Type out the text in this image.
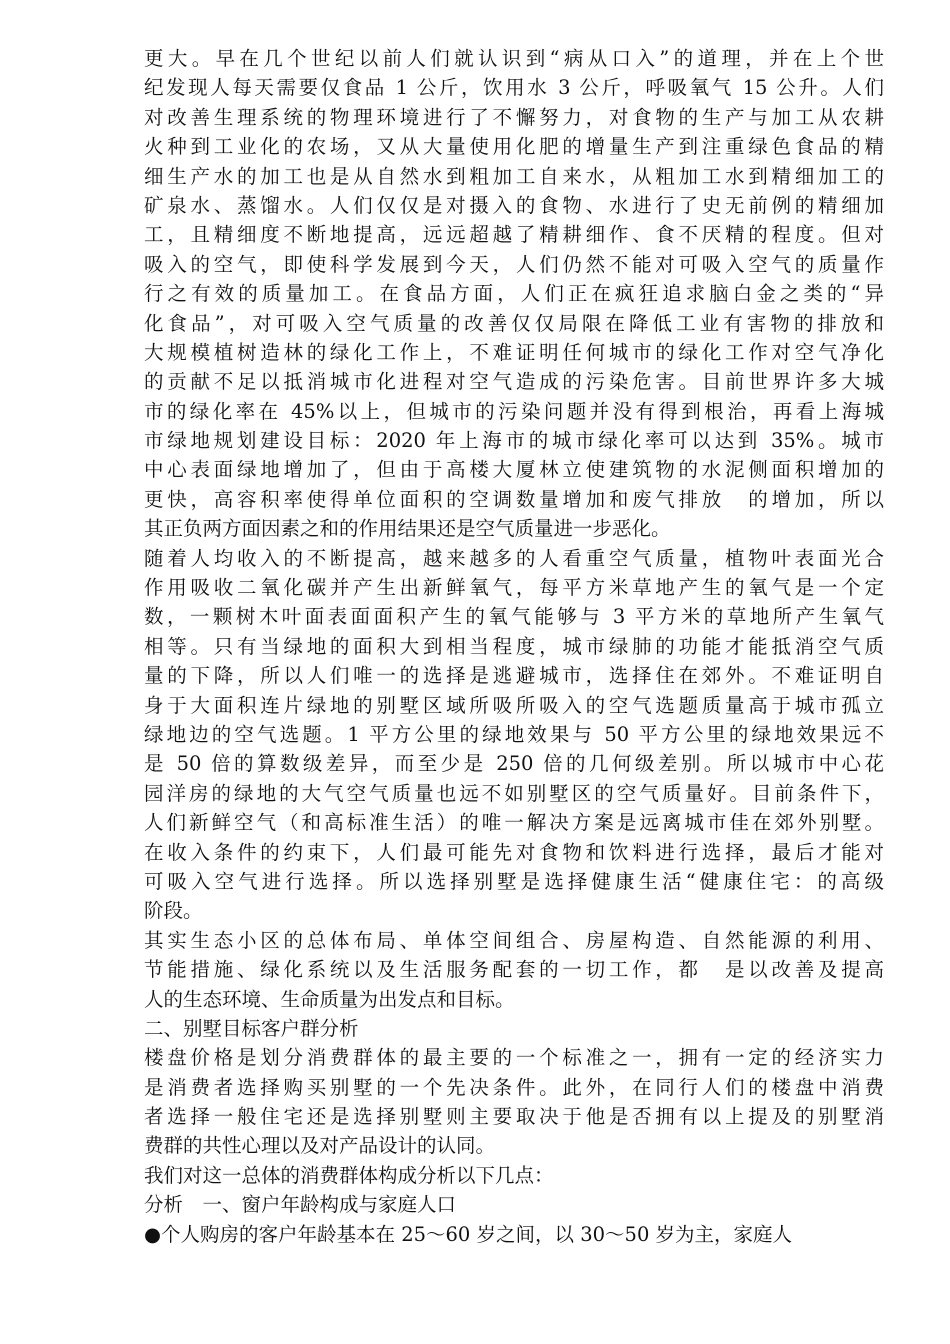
更大。早在几个世纪以前人们就认识到“病从口入”的道理，并在上个世
纪发现人每天需要仅食品 1 公斤，饮用水 3 公斤，呼吸氧气 15 公升。人们
对改善生理系统的物理环境进行了不懈努力，对食物的生产与加工从农耕
火种到工业化的农场，又从大量使用化肥的增量生产到注重绿色食品的精
细生产水的加工也是从自然水到粗加工自来水，从粗加工水到精细加工的
矿泉水、蒸馏水。人们仅仅是对摄入的食物、水进行了史无前例的精细加
工，且精细度不断地提高，远远超越了精耕细作、食不厌精的程度。但对
吸入的空气，即使科学发展到今天，人们仍然不能对可吸入空气的质量作
行之有效的质量加工。在食品方面，人们正在疯狂追求脑白金之类的“异
化食品”，对可吸入空气质量的改善仅仅局限在降低工业有害物的排放和
大规模植树造林的绿化工作上，不难证明任何城市的绿化工作对空气净化
的贡献不足以抵消城市化进程对空气造成的污染危害。目前世界许多大城
市的绿化率在 45%以上，但城市的污染问题并没有得到根治，再看上海城
市绿地规划建设目标：2020 年上海市的城市绿化率可以达到 35%。城市
中心表面绿地增加了，但由于高楼大厦林立使建筑物的水泥侧面积增加的
更快，高容积率使得单位面积的空调数量增加和废气排放　的增加，所以
其正负两方面因素之和的作用结果还是空气质量进一步恶化。
随着人均收入的不断提高，越来越多的人看重空气质量，植物叶表面光合
作用吸收二氧化碳并产生出新鲜氧气，每平方米草地产生的氧气是一个定
数，一颗树木叶面表面面积产生的氧气能够与 3 平方米的草地所产生氧气
相等。只有当绿地的面积大到相当程度，城市绿肺的功能才能抵消空气质
量的下降，所以人们唯一的选择是逃避城市，选择住在郊外。不难证明自
身于大面积连片绿地的别墅区域所吸所吸入的空气选题质量高于城市孤立
绿地边的空气选题。1 平方公里的绿地效果与 50 平方公里的绿地效果远不
是 50 倍的算数级差异，而至少是 250 倍的几何级差别。所以城市中心花
园洋房的绿地的大气空气质量也远不如别墅区的空气质量好。目前条件下，
人们新鲜空气（和高标准生活）的唯一解决方案是远离城市佳在郊外别墅。
在收入条件的约束下，人们最可能先对食物和饮料进行选择，最后才能对
可吸入空气进行选择。所以选择别墅是选择健康生活“健康住宅：的高级
阶段。
其实生态小区的总体布局、单体空间组合、房屋构造、自然能源的利用、
节能措施、绿化系统以及生活服务配套的一切工作，都　是以改善及提高
人的生态环境、生命质量为出发点和目标。
二、别墅目标客户群分析
楼盘价格是划分消费群体的最主要的一个标准之一，拥有一定的经济实力
是消费者选择购买别墅的一个先决条件。此外，在同行人们的楼盘中消费
者选择一般住宅还是选择别墅则主要取决于他是否拥有以上提及的别墅消
费群的共性心理以及对产品设计的认同。
我们对这一总体的消费群体构成分析以下几点：
分析　一、窗户年龄构成与家庭人口
●个人购房的客户年龄基本在 25～60 岁之间，以 30～50 岁为主，家庭人
